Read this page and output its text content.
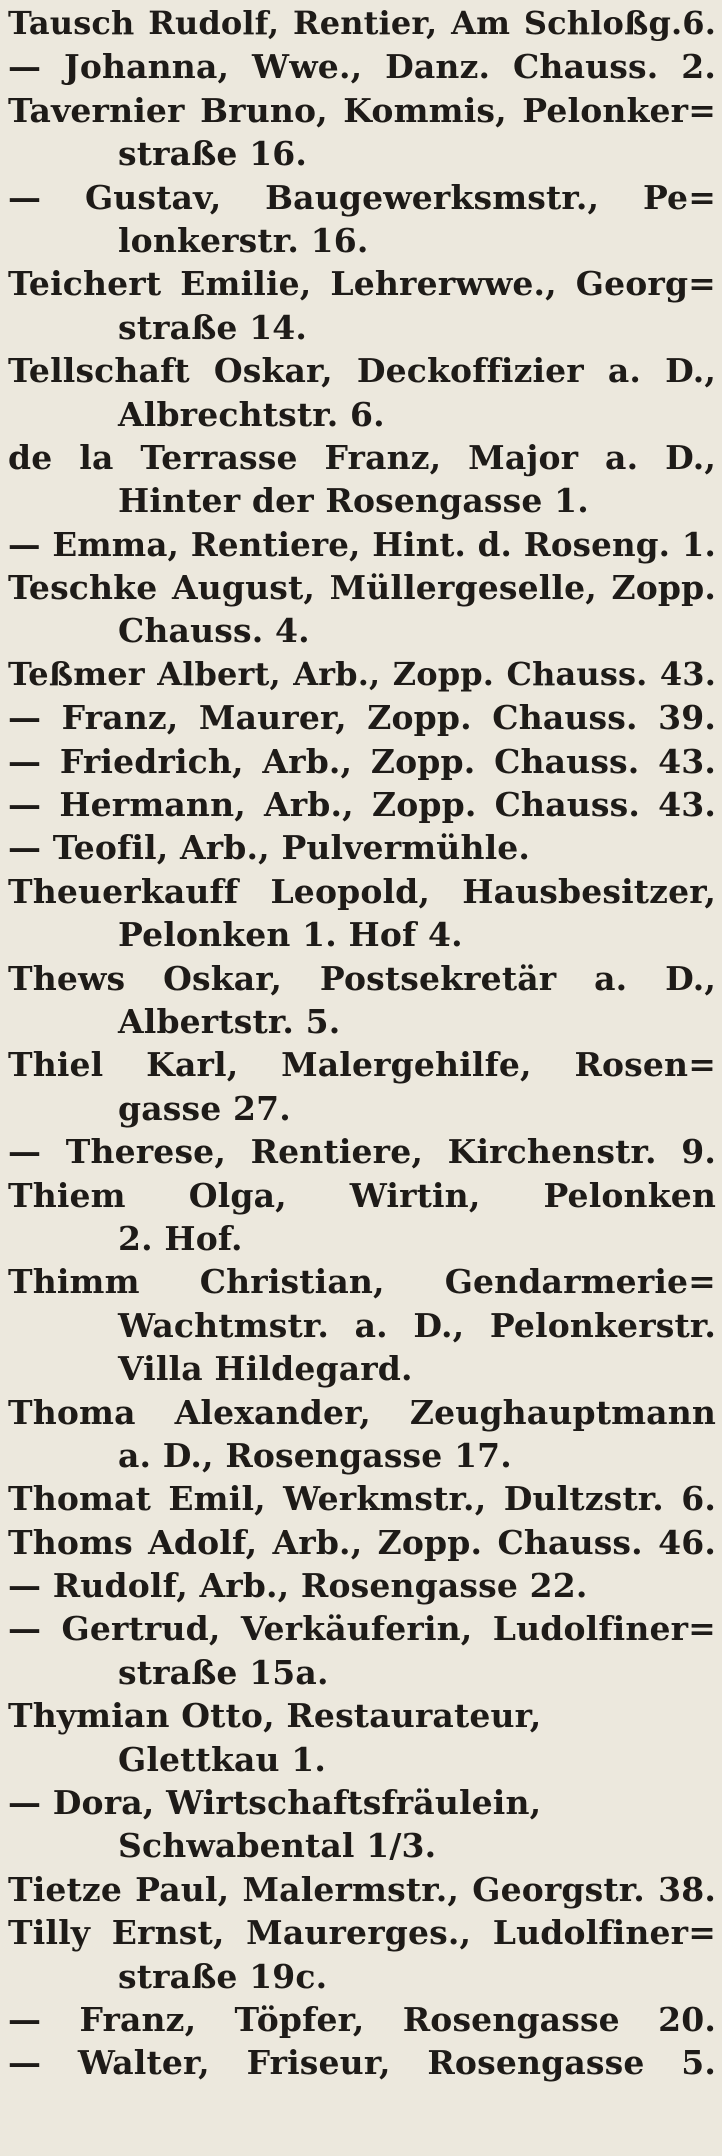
Tausch Rudolf, Rentier, Am Schloßg.6.
— Johanna, Wwe., Danz. Chauss. 2.
Tavernier Bruno, Kommis, Pelonker=
straße 16.
— Gustav, Baugewerksmstr., Pe=
lonkerstr. 16.
Teichert Emilie, Lehrerwwe., Georg=
straße 14.
Tellschaft Oskar, Deckoffizier a. D.,
Albrechtstr. 6.
de la Terrasse Franz, Major a. D.,
Hinter der Rosengasse 1.
— Emma, Rentiere, Hint. d. Roseng. 1.
Teschke August, Müllergeselle, Zopp.
Chauss. 4.
Teßmer Albert, Arb., Zopp. Chauss. 43.
— Franz, Maurer, Zopp. Chauss. 39.
— Friedrich, Arb., Zopp. Chauss. 43.
— Hermann, Arb., Zopp. Chauss. 43.
— Teofil, Arb., Pulvermühle.
Theuerkauff Leopold, Hausbesitzer,
Pelonken 1. Hof 4.
Thews Oskar, Postsekretär a. D.,
Albertstr. 5.
Thiel Karl, Malergehilfe, Rosen=
gasse 27.
— Therese, Rentiere, Kirchenstr. 9.
Thiem Olga, Wirtin, Pelonken
2. Hof.
Thimm Christian, Gendarmerie=
Wachtmstr. a. D., Pelonkerstr.
Villa Hildegard.
Thoma Alexander, Zeughauptmann
a. D., Rosengasse 17.
Thomat Emil, Werkmstr., Dultzstr. 6.
Thoms Adolf, Arb., Zopp. Chauss. 46.
— Rudolf, Arb., Rosengasse 22.
— Gertrud, Verkäuferin, Ludolfiner=
straße 15a.
Thymian Otto, Restaurateur,
Glettkau 1.
— Dora, Wirtschaftsfräulein,
Schwabental 1/3.
Tietze Paul, Malermstr., Georgstr. 38.
Tilly Ernst, Maurerges., Ludolfiner=
straße 19c.
— Franz, Töpfer, Rosengasse 20.
— Walter, Friseur, Rosengasse 5.
